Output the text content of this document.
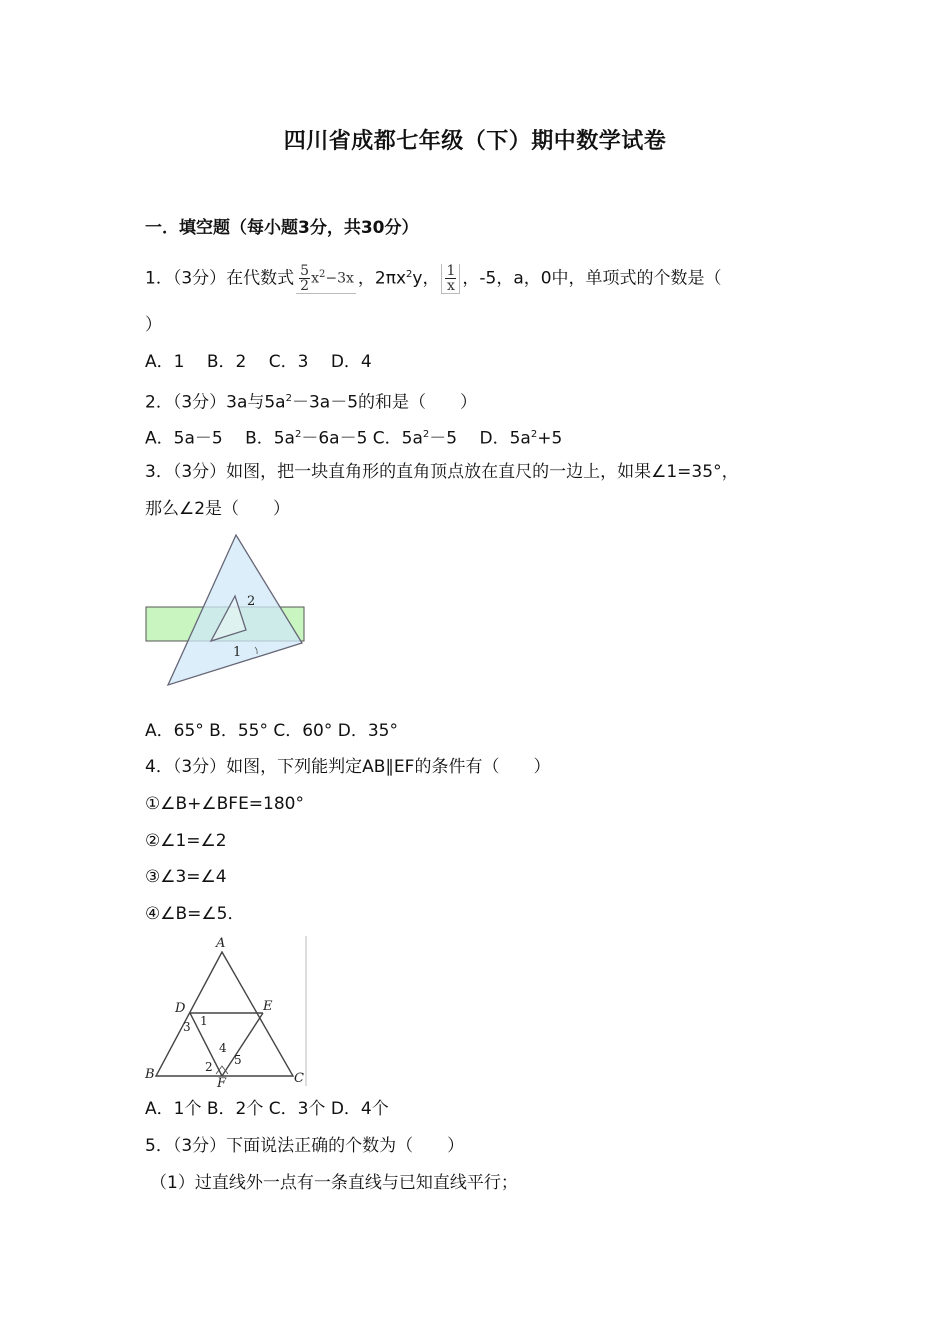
四川省成都七年级（下）期中数学试卷
一．填空题（每小题3分，共30分）
1．（3分）在代数式 $\frac{5}{2} x^2-3x$ ，$2\pi x^2y$， $\frac{1}{x}$ ，‐5，a，0中，单项式的个数是（
）
A．1　 B．2　 C．3　 D．4
2．（3分）3a与$5a^2-3a-5$的和是（　　）
A．5a－5　 B．$5a^2-6a-5$ C．$5a^2-5$　 D．$5a^2+5$
3．（3分）如图，把一块直角形的直角顶点放在直尺的一边上，如果∠1=35°，
那么∠2是（　　）
1
2
A．65° B．55° C．60° D．35°
4．（3分）如图，下列能判定AB∥EF的条件有（　　）
①∠B+∠BFE=180°
②∠1=∠2
③∠3=∠4
④∠B=∠5．
A
B	C
D	E
F
1
2
3
4
5
A．1个 B．2个 C．3个 D．4个
5．（3分）下面说法正确的个数为（　　）
（1）过直线外一点有一条直线与已知直线平行；
